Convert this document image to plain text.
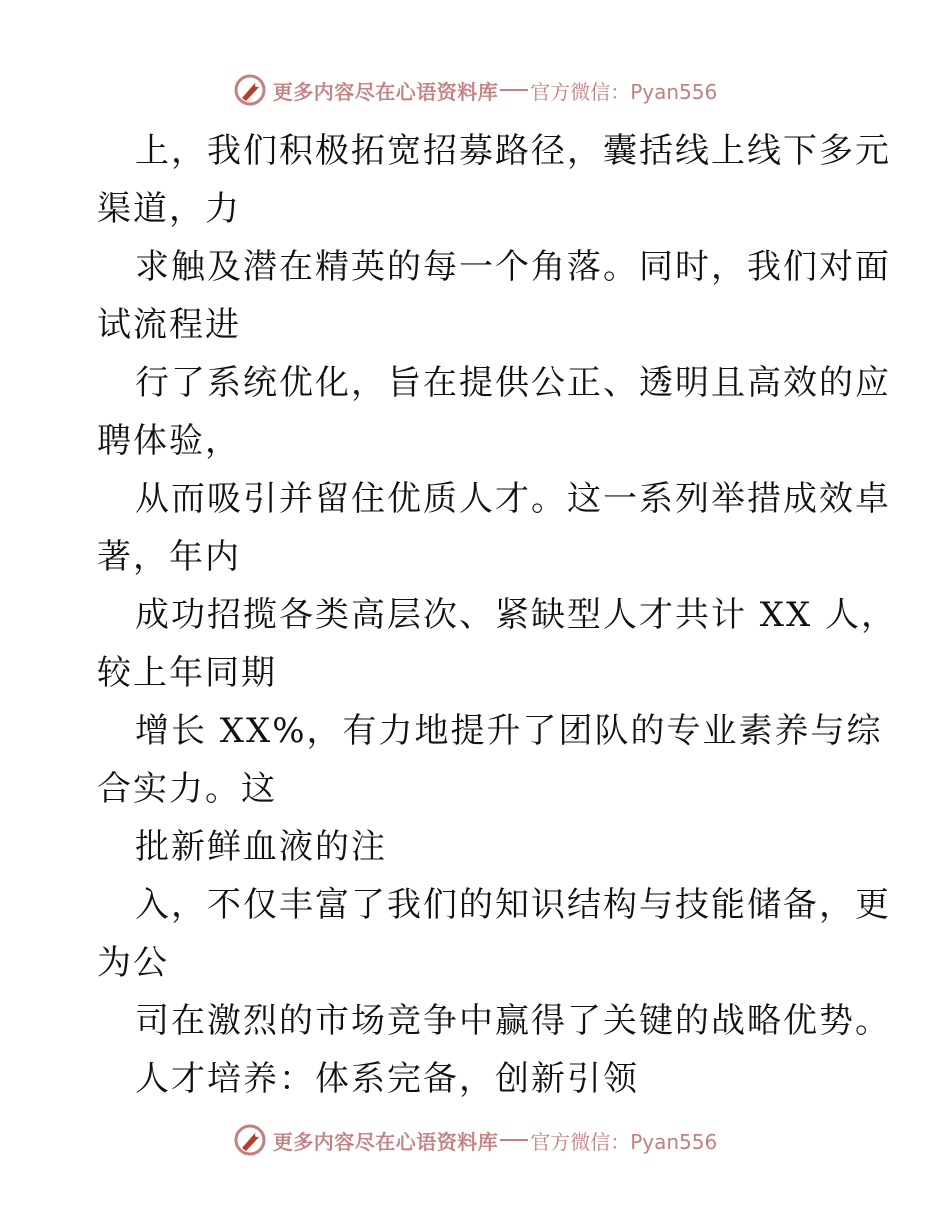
更多内容尽在心语资料库 官方微信：Pyan556
上，我们积极拓宽招募路径，囊括线上线下多元
渠道，力
求触及潜在精英的每一个角落。同时，我们对面
试流程进
行了系统优化，旨在提供公正、透明且高效的应
聘体验，
从而吸引并留住优质人才。这一系列举措成效卓
著，年内
成功招揽各类高层次、紧缺型人才共计 XX 人，
较上年同期
增长 XX%，有力地提升了团队的专业素养与综
合实力。这
批新鲜血液的注
入，不仅丰富了我们的知识结构与技能储备，更
为公
司在激烈的市场竞争中赢得了关键的战略优势。
人才培养：体系完备，创新引领
更多内容尽在心语资料库 官方微信：Pyan556
